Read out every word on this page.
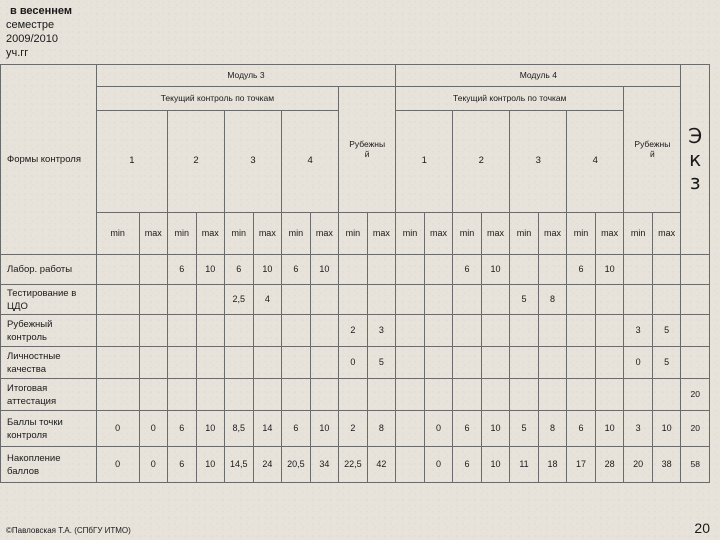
в весеннем
семестре
2009/2010
уч.гг
Формы контроля	Модуль 3										Модуль 4										Экз
	Текущий контроль по точкам								Рубежный		Текущий контроль по точкам								Рубежный		
	1		2		3		4				1		2		3		4				
	min	max	min	max	min	max	min	max	min	max	min	max	min	max	min	max	min	max	min	max	
Лабор. работы			6	10	6	10	6	10					6	10			6	10			
Тестирование в ЦДО					2,5	4									5	8					
Рубежный контроль									2	3									3	5	
Личностные качества									0	5									0	5	
Итоговая аттестация																					20
Баллы точки контроля	0	0	6	10	8,5	14	6	10	2	8		0	6	10	5	8	6	10	3	10	20
Накопление баллов	0	0	6	10	14,5	24	20,5	34	22,5	42		0	6	10	11	18	17	28	20	38	58
©Павловская Т.А. (СПбГУ ИТМО)	20
